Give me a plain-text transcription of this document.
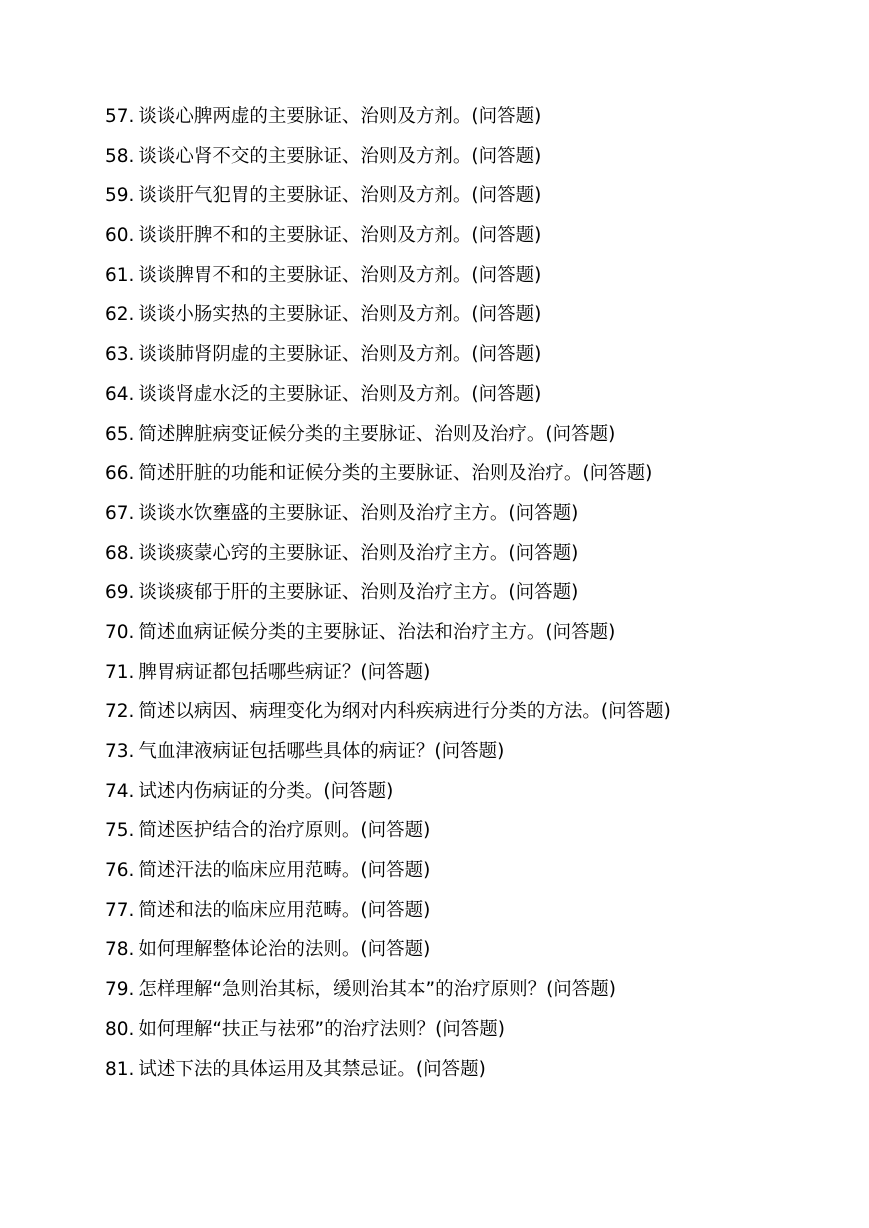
57. 谈谈心脾两虚的主要脉证、治则及方剂。(问答题)
58. 谈谈心肾不交的主要脉证、治则及方剂。(问答题)
59. 谈谈肝气犯胃的主要脉证、治则及方剂。(问答题)
60. 谈谈肝脾不和的主要脉证、治则及方剂。(问答题)
61. 谈谈脾胃不和的主要脉证、治则及方剂。(问答题)
62. 谈谈小肠实热的主要脉证、治则及方剂。(问答题)
63. 谈谈肺肾阴虚的主要脉证、治则及方剂。(问答题)
64. 谈谈肾虚水泛的主要脉证、治则及方剂。(问答题)
65. 简述脾脏病变证候分类的主要脉证、治则及治疗。(问答题)
66. 简述肝脏的功能和证候分类的主要脉证、治则及治疗。(问答题)
67. 谈谈水饮壅盛的主要脉证、治则及治疗主方。(问答题)
68. 谈谈痰蒙心窍的主要脉证、治则及治疗主方。(问答题)
69. 谈谈痰郁于肝的主要脉证、治则及治疗主方。(问答题)
70. 简述血病证候分类的主要脉证、治法和治疗主方。(问答题)
71. 脾胃病证都包括哪些病证？(问答题)
72. 简述以病因、病理变化为纲对内科疾病进行分类的方法。(问答题)
73. 气血津液病证包括哪些具体的病证？(问答题)
74. 试述内伤病证的分类。(问答题)
75. 简述医护结合的治疗原则。(问答题)
76. 简述汗法的临床应用范畴。(问答题)
77. 简述和法的临床应用范畴。(问答题)
78. 如何理解整体论治的法则。(问答题)
79. 怎样理解“急则治其标，缓则治其本”的治疗原则？(问答题)
80. 如何理解“扶正与祛邪”的治疗法则？(问答题)
81. 试述下法的具体运用及其禁忌证。(问答题)
